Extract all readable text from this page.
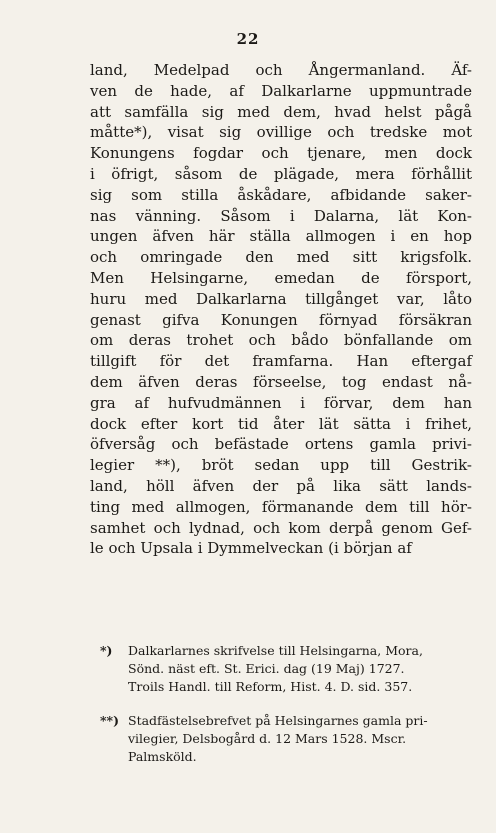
22
land, Medelpad och Ångermanland. Äf-
ven de hade, af Dalkarlarne uppmuntrade
att samfälla sig med dem, hvad helst pågå
måtte*), visat sig ovillige och tredske mot
Konungens fogdar och tjenare, men dock
i öfrigt, såsom de plägade, mera förhållit
sig som stilla åskådare, afbidande saker-
nas vänning. Såsom i Dalarna, lät Kon-
ungen äfven här ställa allmogen i en hop
och omringade den med sitt krigsfolk.
Men Helsingarne, emedan de försport,
huru med Dalkarlarna tillgånget var, låto
genast gifva Konungen förnyad försäkran
om deras trohet och bådo bönfallande om
tillgift för det framfarna. Han eftergaf
dem äfven deras förseelse, tog endast nå-
gra af hufvudmännen i förvar, dem han
dock efter kort tid åter lät sätta i frihet,
öfversåg och befästade ortens gamla privi-
legier **), bröt sedan upp till Gestrik-
land, höll äfven der på lika sätt lands-
ting med allmogen, förmanande dem till hör-
samhet och lydnad, och kom derpå genom Gef-
le och Upsala i Dymmelveckan (i början af
*) Dalkarlarnes skrifvelse till Helsingarna, Mora,
Sönd. näst eft. St. Erici. dag (19 Maj) 1727.
Troils Handl. till Reform, Hist. 4. D. sid. 357.
**) Stadfästelsebrefvet på Helsingarnes gamla pri-
vilegier, Delsbogård d. 12 Mars 1528. Mscr.
Palmsköld.
